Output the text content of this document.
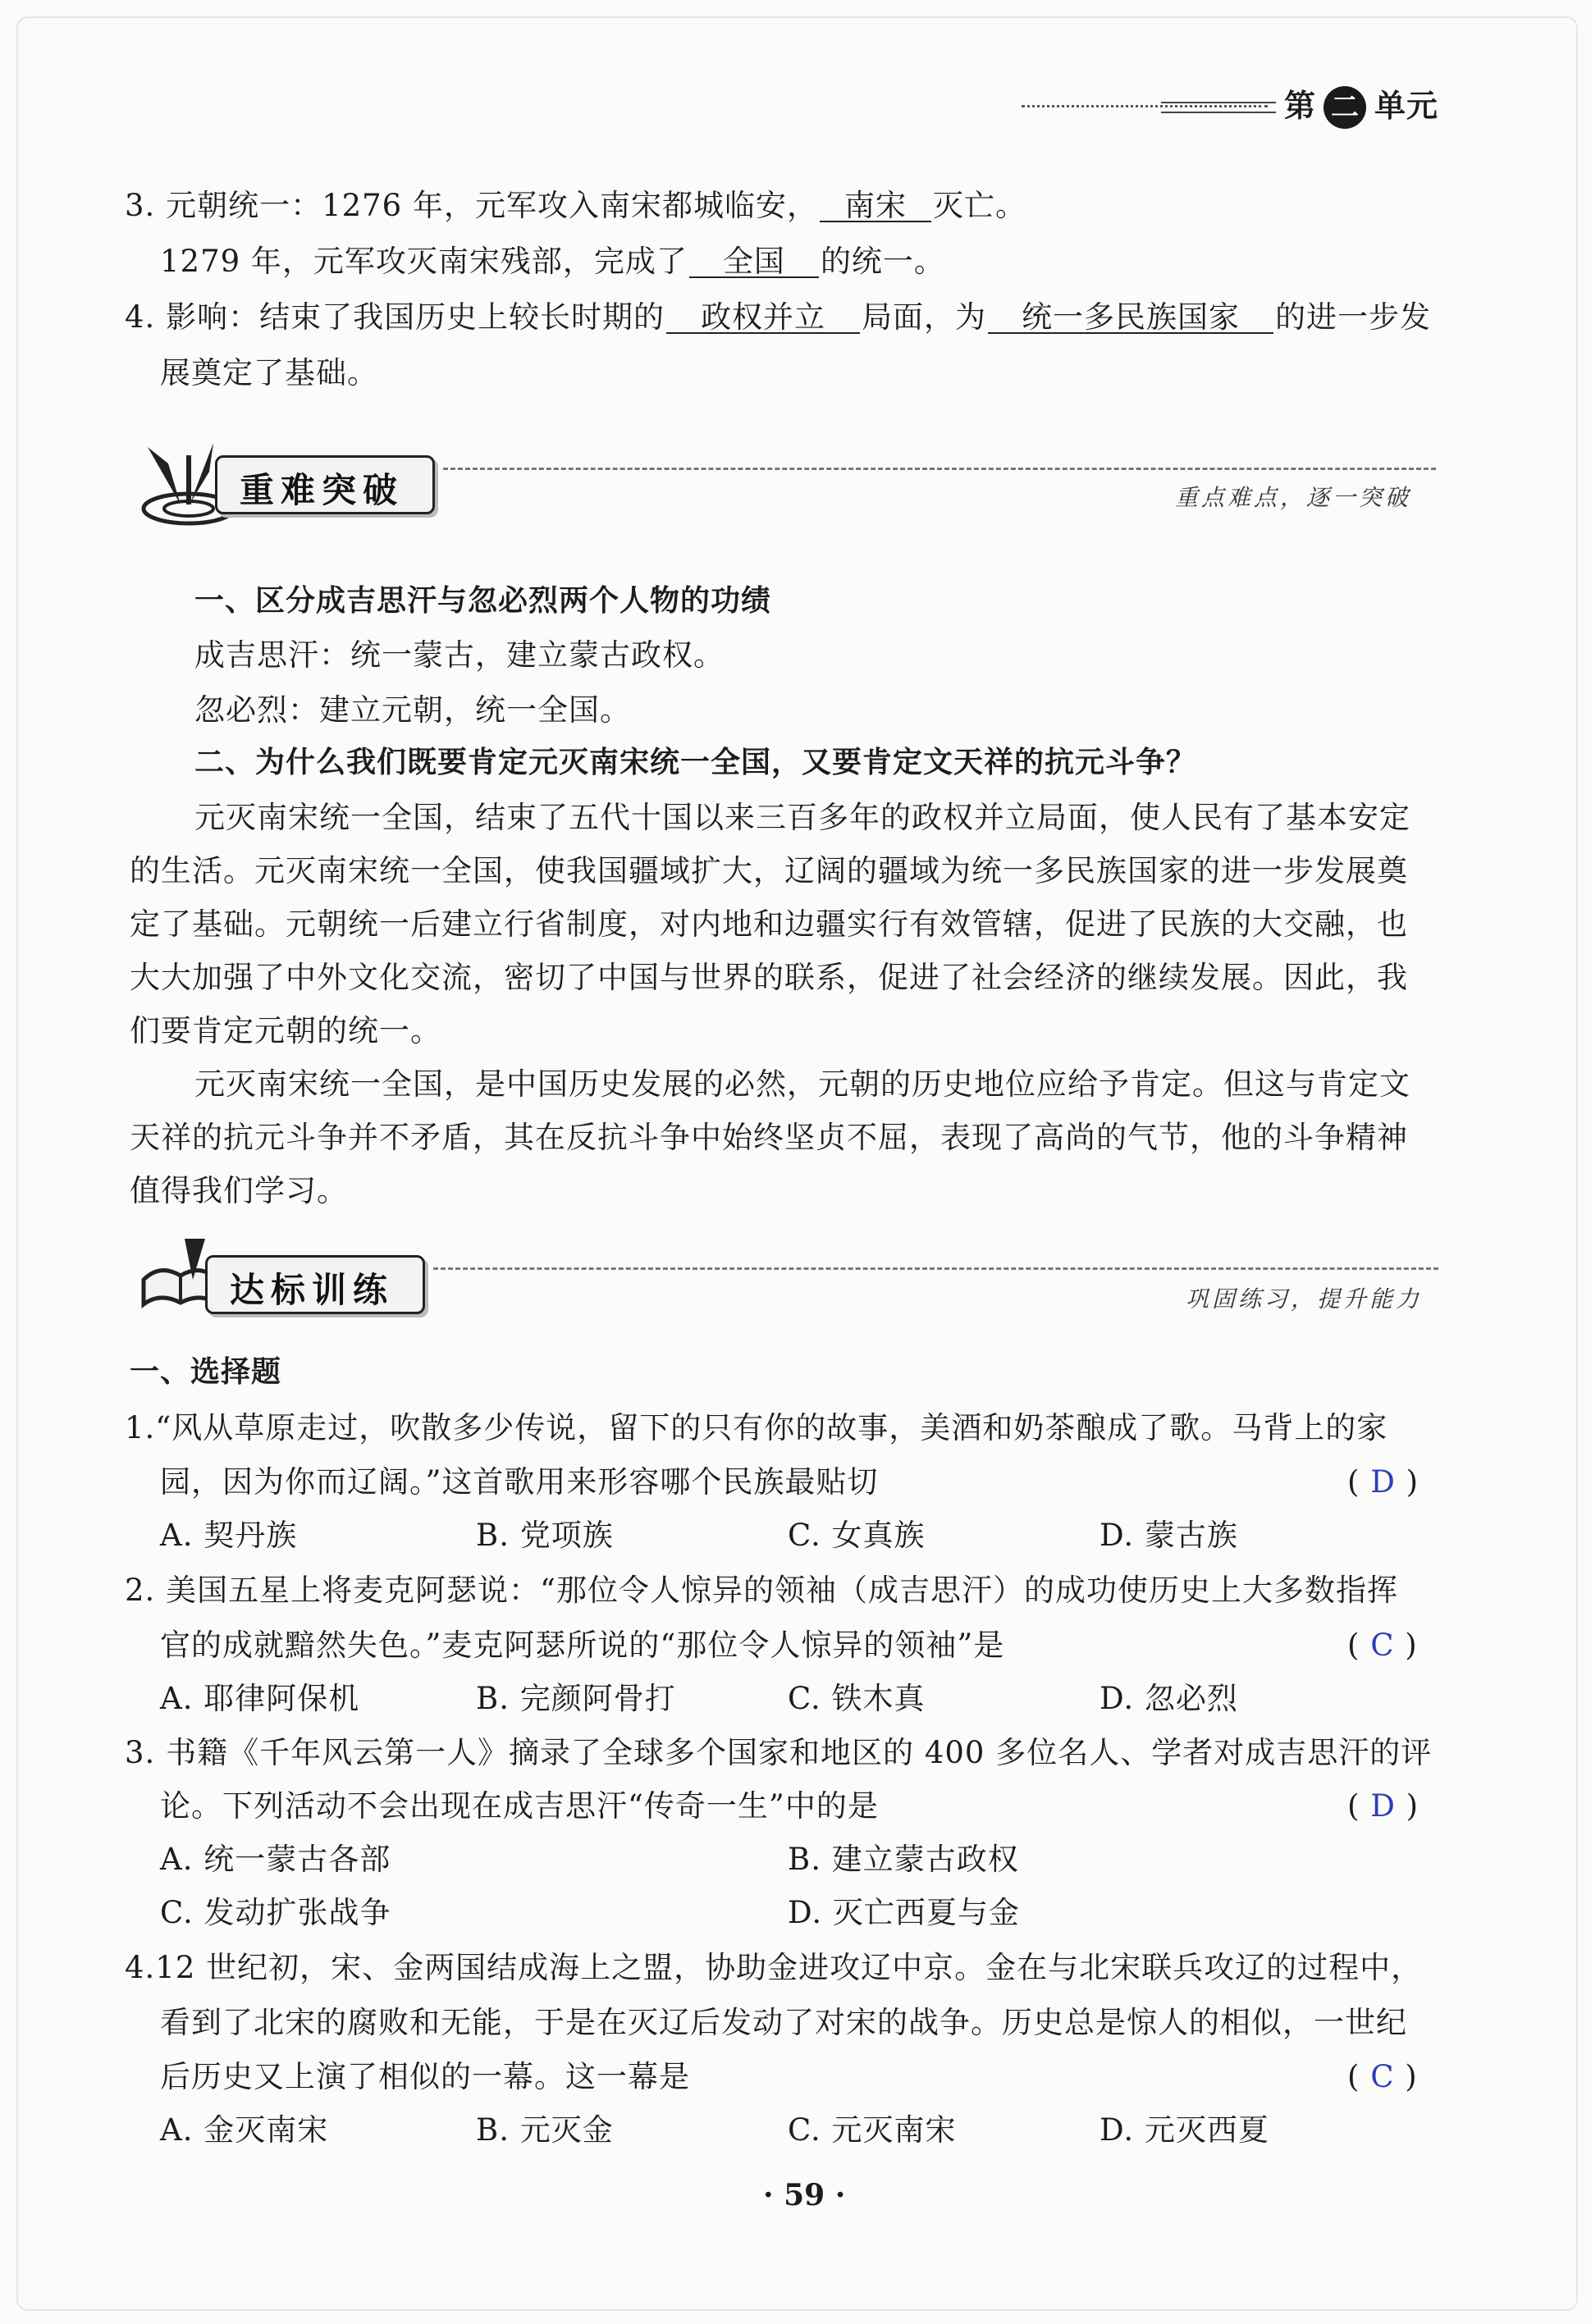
第 二 单元
3. 元朝统一：1276 年，元军攻入南宋都城临安， 南宋 灭亡。
1279 年，元军攻灭南宋残部，完成了 全国 的统一。
4. 影响：结束了我国历史上较长时期的 政权并立 局面，为 统一多民族国家 的进一步发
展奠定了基础。
重难突破	重点难点，逐一突破
一、区分成吉思汗与忽必烈两个人物的功绩
成吉思汗：统一蒙古，建立蒙古政权。
忽必烈：建立元朝，统一全国。
二、为什么我们既要肯定元灭南宋统一全国，又要肯定文天祥的抗元斗争？
元灭南宋统一全国，结束了五代十国以来三百多年的政权并立局面，使人民有了基本安定
的生活。元灭南宋统一全国，使我国疆域扩大，辽阔的疆域为统一多民族国家的进一步发展奠
定了基础。元朝统一后建立行省制度，对内地和边疆实行有效管辖，促进了民族的大交融，也
大大加强了中外文化交流，密切了中国与世界的联系，促进了社会经济的继续发展。因此，我
们要肯定元朝的统一。
元灭南宋统一全国，是中国历史发展的必然，元朝的历史地位应给予肯定。但这与肯定文
天祥的抗元斗争并不矛盾，其在反抗斗争中始终坚贞不屈，表现了高尚的气节，他的斗争精神
值得我们学习。
达标训练	巩固练习，提升能力
一、选择题
1.“风从草原走过，吹散多少传说，留下的只有你的故事，美酒和奶茶酿成了歌。马背上的家
园，因为你而辽阔。”这首歌用来形容哪个民族最贴切	( D )
A. 契丹族	B. 党项族	C. 女真族	D. 蒙古族
2. 美国五星上将麦克阿瑟说：“那位令人惊异的领袖（成吉思汗）的成功使历史上大多数指挥
官的成就黯然失色。”麦克阿瑟所说的“那位令人惊异的领袖”是	( C )
A. 耶律阿保机	B. 完颜阿骨打	C. 铁木真	D. 忽必烈
3. 书籍《千年风云第一人》摘录了全球多个国家和地区的 400 多位名人、学者对成吉思汗的评
论。下列活动不会出现在成吉思汗“传奇一生”中的是	( D )
A. 统一蒙古各部	B. 建立蒙古政权
C. 发动扩张战争	D. 灭亡西夏与金
4.12 世纪初，宋、金两国结成海上之盟，协助金进攻辽中京。金在与北宋联兵攻辽的过程中，
看到了北宋的腐败和无能，于是在灭辽后发动了对宋的战争。历史总是惊人的相似，一世纪
后历史又上演了相似的一幕。这一幕是	( C )
A. 金灭南宋	B. 元灭金	C. 元灭南宋	D. 元灭西夏
· 59 ·
